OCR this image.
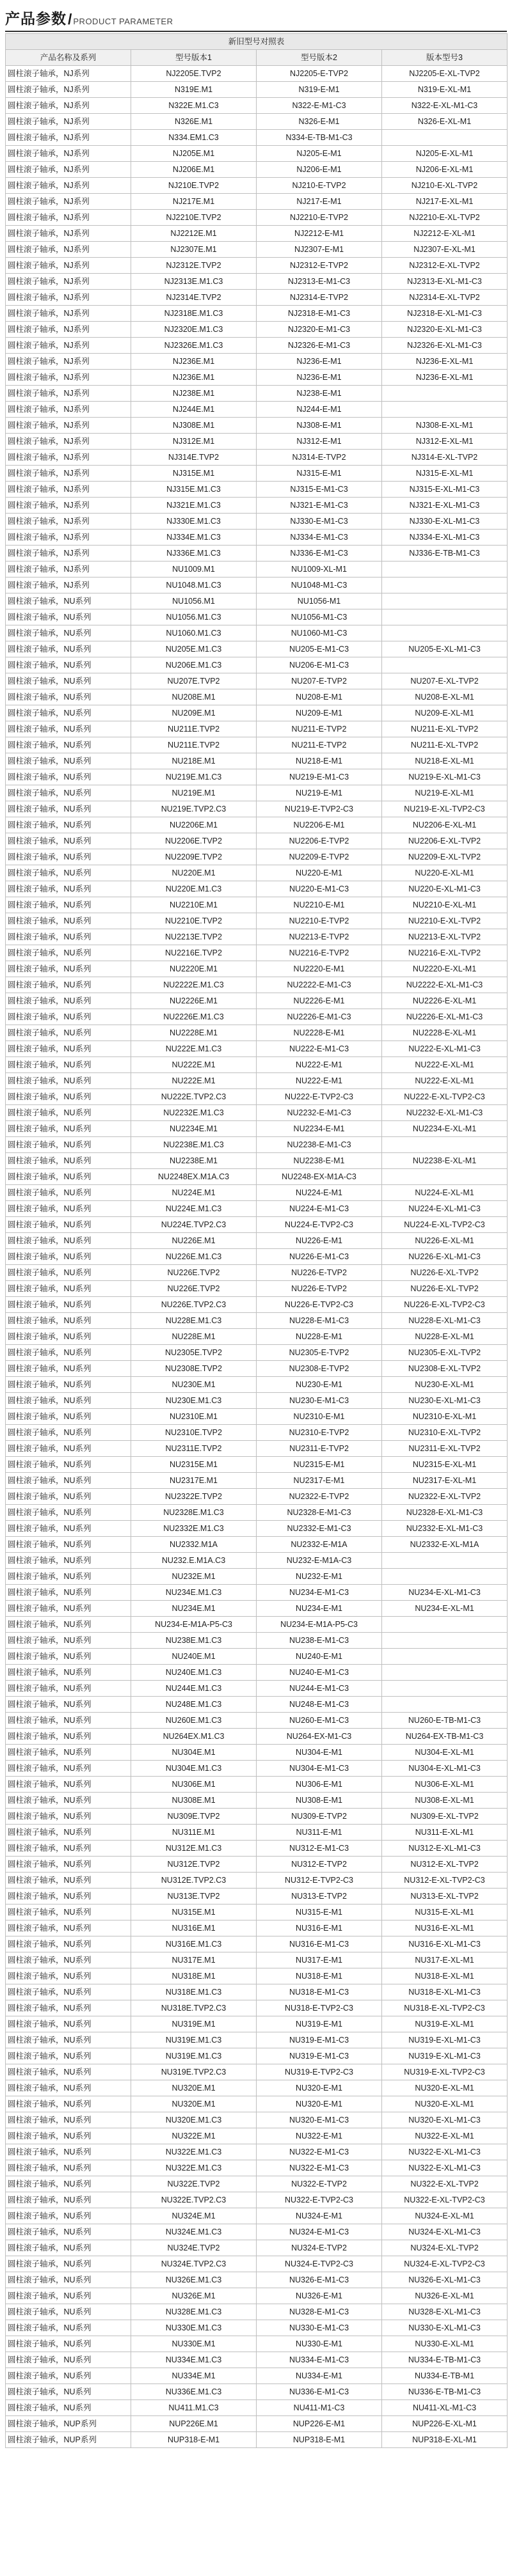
产品参数 / PRODUCT PARAMETER
新旧型号对照表			
产品名称及系列	型号版本1	型号版本2	版本型号3
圆柱滚子轴承，NJ系列	NJ2205E.TVP2	NJ2205-E-TVP2	NJ2205-E-XL-TVP2
圆柱滚子轴承，NJ系列	N319E.M1	N319-E-M1	N319-E-XL-M1
圆柱滚子轴承，NJ系列	N322E.M1.C3	N322-E-M1-C3	N322-E-XL-M1-C3
圆柱滚子轴承，NJ系列	N326E.M1	N326-E-M1	N326-E-XL-M1
圆柱滚子轴承，NJ系列	N334.EM1.C3	N334-E-TB-M1-C3	
圆柱滚子轴承，NJ系列	NJ205E.M1	NJ205-E-M1	NJ205-E-XL-M1
圆柱滚子轴承，NJ系列	NJ206E.M1	NJ206-E-M1	NJ206-E-XL-M1
圆柱滚子轴承，NJ系列	NJ210E.TVP2	NJ210-E-TVP2	NJ210-E-XL-TVP2
圆柱滚子轴承，NJ系列	NJ217E.M1	NJ217-E-M1	NJ217-E-XL-M1
圆柱滚子轴承，NJ系列	NJ2210E.TVP2	NJ2210-E-TVP2	NJ2210-E-XL-TVP2
圆柱滚子轴承，NJ系列	NJ2212E.M1	NJ2212-E-M1	NJ2212-E-XL-M1
圆柱滚子轴承，NJ系列	NJ2307E.M1	NJ2307-E-M1	NJ2307-E-XL-M1
圆柱滚子轴承，NJ系列	NJ2312E.TVP2	NJ2312-E-TVP2	NJ2312-E-XL-TVP2
圆柱滚子轴承，NJ系列	NJ2313E.M1.C3	NJ2313-E-M1-C3	NJ2313-E-XL-M1-C3
圆柱滚子轴承，NJ系列	NJ2314E.TVP2	NJ2314-E-TVP2	NJ2314-E-XL-TVP2
圆柱滚子轴承，NJ系列	NJ2318E.M1.C3	NJ2318-E-M1-C3	NJ2318-E-XL-M1-C3
圆柱滚子轴承，NJ系列	NJ2320E.M1.C3	NJ2320-E-M1-C3	NJ2320-E-XL-M1-C3
圆柱滚子轴承，NJ系列	NJ2326E.M1.C3	NJ2326-E-M1-C3	NJ2326-E-XL-M1-C3
圆柱滚子轴承，NJ系列	NJ236E.M1	NJ236-E-M1	NJ236-E-XL-M1
圆柱滚子轴承，NJ系列	NJ236E.M1	NJ236-E-M1	NJ236-E-XL-M1
圆柱滚子轴承，NJ系列	NJ238E.M1	NJ238-E-M1	
圆柱滚子轴承，NJ系列	NJ244E.M1	NJ244-E-M1	
圆柱滚子轴承，NJ系列	NJ308E.M1	NJ308-E-M1	NJ308-E-XL-M1
圆柱滚子轴承，NJ系列	NJ312E.M1	NJ312-E-M1	NJ312-E-XL-M1
圆柱滚子轴承，NJ系列	NJ314E.TVP2	NJ314-E-TVP2	NJ314-E-XL-TVP2
圆柱滚子轴承，NJ系列	NJ315E.M1	NJ315-E-M1	NJ315-E-XL-M1
圆柱滚子轴承，NJ系列	NJ315E.M1.C3	NJ315-E-M1-C3	NJ315-E-XL-M1-C3
圆柱滚子轴承，NJ系列	NJ321E.M1.C3	NJ321-E-M1-C3	NJ321-E-XL-M1-C3
圆柱滚子轴承，NJ系列	NJ330E.M1.C3	NJ330-E-M1-C3	NJ330-E-XL-M1-C3
圆柱滚子轴承，NJ系列	NJ334E.M1.C3	NJ334-E-M1-C3	NJ334-E-XL-M1-C3
圆柱滚子轴承，NJ系列	NJ336E.M1.C3	NJ336-E-M1-C3	NJ336-E-TB-M1-C3
圆柱滚子轴承，NJ系列	NU1009.M1	NU1009-XL-M1	
圆柱滚子轴承，NJ系列	NU1048.M1.C3	NU1048-M1-C3	
圆柱滚子轴承，NU系列	NU1056.M1	NU1056-M1	
圆柱滚子轴承，NU系列	NU1056.M1.C3	NU1056-M1-C3	
圆柱滚子轴承，NU系列	NU1060.M1.C3	NU1060-M1-C3	
圆柱滚子轴承，NU系列	NU205E.M1.C3	NU205-E-M1-C3	NU205-E-XL-M1-C3
圆柱滚子轴承，NU系列	NU206E.M1.C3	NU206-E-M1-C3	
圆柱滚子轴承，NU系列	NU207E.TVP2	NU207-E-TVP2	NU207-E-XL-TVP2
圆柱滚子轴承，NU系列	NU208E.M1	NU208-E-M1	NU208-E-XL-M1
圆柱滚子轴承，NU系列	NU209E.M1	NU209-E-M1	NU209-E-XL-M1
圆柱滚子轴承，NU系列	NU211E.TVP2	NU211-E-TVP2	NU211-E-XL-TVP2
圆柱滚子轴承，NU系列	NU211E.TVP2	NU211-E-TVP2	NU211-E-XL-TVP2
圆柱滚子轴承，NU系列	NU218E.M1	NU218-E-M1	NU218-E-XL-M1
圆柱滚子轴承，NU系列	NU219E.M1.C3	NU219-E-M1-C3	NU219-E-XL-M1-C3
圆柱滚子轴承，NU系列	NU219E.M1	NU219-E-M1	NU219-E-XL-M1
圆柱滚子轴承，NU系列	NU219E.TVP2.C3	NU219-E-TVP2-C3	NU219-E-XL-TVP2-C3
圆柱滚子轴承，NU系列	NU2206E.M1	NU2206-E-M1	NU2206-E-XL-M1
圆柱滚子轴承，NU系列	NU2206E.TVP2	NU2206-E-TVP2	NU2206-E-XL-TVP2
圆柱滚子轴承，NU系列	NU2209E.TVP2	NU2209-E-TVP2	NU2209-E-XL-TVP2
圆柱滚子轴承，NU系列	NU220E.M1	NU220-E-M1	NU220-E-XL-M1
圆柱滚子轴承，NU系列	NU220E.M1.C3	NU220-E-M1-C3	NU220-E-XL-M1-C3
圆柱滚子轴承，NU系列	NU2210E.M1	NU2210-E-M1	NU2210-E-XL-M1
圆柱滚子轴承，NU系列	NU2210E.TVP2	NU2210-E-TVP2	NU2210-E-XL-TVP2
圆柱滚子轴承，NU系列	NU2213E.TVP2	NU2213-E-TVP2	NU2213-E-XL-TVP2
圆柱滚子轴承，NU系列	NU2216E.TVP2	NU2216-E-TVP2	NU2216-E-XL-TVP2
圆柱滚子轴承，NU系列	NU2220E.M1	NU2220-E-M1	NU2220-E-XL-M1
圆柱滚子轴承，NU系列	NU2222E.M1.C3	NU2222-E-M1-C3	NU2222-E-XL-M1-C3
圆柱滚子轴承，NU系列	NU2226E.M1	NU2226-E-M1	NU2226-E-XL-M1
圆柱滚子轴承，NU系列	NU2226E.M1.C3	NU2226-E-M1-C3	NU2226-E-XL-M1-C3
圆柱滚子轴承，NU系列	NU2228E.M1	NU2228-E-M1	NU2228-E-XL-M1
圆柱滚子轴承，NU系列	NU222E.M1.C3	NU222-E-M1-C3	NU222-E-XL-M1-C3
圆柱滚子轴承，NU系列	NU222E.M1	NU222-E-M1	NU222-E-XL-M1
圆柱滚子轴承，NU系列	NU222E.M1	NU222-E-M1	NU222-E-XL-M1
圆柱滚子轴承，NU系列	NU222E.TVP2.C3	NU222-E-TVP2-C3	NU222-E-XL-TVP2-C3
圆柱滚子轴承，NU系列	NU2232E.M1.C3	NU2232-E-M1-C3	NU2232-E-XL-M1-C3
圆柱滚子轴承，NU系列	NU2234E.M1	NU2234-E-M1	NU2234-E-XL-M1
圆柱滚子轴承，NU系列	NU2238E.M1.C3	NU2238-E-M1-C3	
圆柱滚子轴承，NU系列	NU2238E.M1	NU2238-E-M1	NU2238-E-XL-M1
圆柱滚子轴承，NU系列	NU2248EX.M1A.C3	NU2248-EX-M1A-C3	
圆柱滚子轴承，NU系列	NU224E.M1	NU224-E-M1	NU224-E-XL-M1
圆柱滚子轴承，NU系列	NU224E.M1.C3	NU224-E-M1-C3	NU224-E-XL-M1-C3
圆柱滚子轴承，NU系列	NU224E.TVP2.C3	NU224-E-TVP2-C3	NU224-E-XL-TVP2-C3
圆柱滚子轴承，NU系列	NU226E.M1	NU226-E-M1	NU226-E-XL-M1
圆柱滚子轴承，NU系列	NU226E.M1.C3	NU226-E-M1-C3	NU226-E-XL-M1-C3
圆柱滚子轴承，NU系列	NU226E.TVP2	NU226-E-TVP2	NU226-E-XL-TVP2
圆柱滚子轴承，NU系列	NU226E.TVP2	NU226-E-TVP2	NU226-E-XL-TVP2
圆柱滚子轴承，NU系列	NU226E.TVP2.C3	NU226-E-TVP2-C3	NU226-E-XL-TVP2-C3
圆柱滚子轴承，NU系列	NU228E.M1.C3	NU228-E-M1-C3	NU228-E-XL-M1-C3
圆柱滚子轴承，NU系列	NU228E.M1	NU228-E-M1	NU228-E-XL-M1
圆柱滚子轴承，NU系列	NU2305E.TVP2	NU2305-E-TVP2	NU2305-E-XL-TVP2
圆柱滚子轴承，NU系列	NU2308E.TVP2	NU2308-E-TVP2	NU2308-E-XL-TVP2
圆柱滚子轴承，NU系列	NU230E.M1	NU230-E-M1	NU230-E-XL-M1
圆柱滚子轴承，NU系列	NU230E.M1.C3	NU230-E-M1-C3	NU230-E-XL-M1-C3
圆柱滚子轴承，NU系列	NU2310E.M1	NU2310-E-M1	NU2310-E-XL-M1
圆柱滚子轴承，NU系列	NU2310E.TVP2	NU2310-E-TVP2	NU2310-E-XL-TVP2
圆柱滚子轴承，NU系列	NU2311E.TVP2	NU2311-E-TVP2	NU2311-E-XL-TVP2
圆柱滚子轴承，NU系列	NU2315E.M1	NU2315-E-M1	NU2315-E-XL-M1
圆柱滚子轴承，NU系列	NU2317E.M1	NU2317-E-M1	NU2317-E-XL-M1
圆柱滚子轴承，NU系列	NU2322E.TVP2	NU2322-E-TVP2	NU2322-E-XL-TVP2
圆柱滚子轴承，NU系列	NU2328E.M1.C3	NU2328-E-M1-C3	NU2328-E-XL-M1-C3
圆柱滚子轴承，NU系列	NU2332E.M1.C3	NU2332-E-M1-C3	NU2332-E-XL-M1-C3
圆柱滚子轴承，NU系列	NU2332.M1A	NU2332-E-M1A	NU2332-E-XL-M1A
圆柱滚子轴承，NU系列	NU232.E.M1A.C3	NU232-E-M1A-C3	
圆柱滚子轴承，NU系列	NU232E.M1	NU232-E-M1	
圆柱滚子轴承，NU系列	NU234E.M1.C3	NU234-E-M1-C3	NU234-E-XL-M1-C3
圆柱滚子轴承，NU系列	NU234E.M1	NU234-E-M1	NU234-E-XL-M1
圆柱滚子轴承，NU系列	NU234-E-M1A-P5-C3	NU234-E-M1A-P5-C3	
圆柱滚子轴承，NU系列	NU238E.M1.C3	NU238-E-M1-C3	
圆柱滚子轴承，NU系列	NU240E.M1	NU240-E-M1	
圆柱滚子轴承，NU系列	NU240E.M1.C3	NU240-E-M1-C3	
圆柱滚子轴承，NU系列	NU244E.M1.C3	NU244-E-M1-C3	
圆柱滚子轴承，NU系列	NU248E.M1.C3	NU248-E-M1-C3	
圆柱滚子轴承，NU系列	NU260E.M1.C3	NU260-E-M1-C3	NU260-E-TB-M1-C3
圆柱滚子轴承，NU系列	NU264EX.M1.C3	NU264-EX-M1-C3	NU264-EX-TB-M1-C3
圆柱滚子轴承，NU系列	NU304E.M1	NU304-E-M1	NU304-E-XL-M1
圆柱滚子轴承，NU系列	NU304E.M1.C3	NU304-E-M1-C3	NU304-E-XL-M1-C3
圆柱滚子轴承，NU系列	NU306E.M1	NU306-E-M1	NU306-E-XL-M1
圆柱滚子轴承，NU系列	NU308E.M1	NU308-E-M1	NU308-E-XL-M1
圆柱滚子轴承，NU系列	NU309E.TVP2	NU309-E-TVP2	NU309-E-XL-TVP2
圆柱滚子轴承，NU系列	NU311E.M1	NU311-E-M1	NU311-E-XL-M1
圆柱滚子轴承，NU系列	NU312E.M1.C3	NU312-E-M1-C3	NU312-E-XL-M1-C3
圆柱滚子轴承，NU系列	NU312E.TVP2	NU312-E-TVP2	NU312-E-XL-TVP2
圆柱滚子轴承，NU系列	NU312E.TVP2.C3	NU312-E-TVP2-C3	NU312-E-XL-TVP2-C3
圆柱滚子轴承，NU系列	NU313E.TVP2	NU313-E-TVP2	NU313-E-XL-TVP2
圆柱滚子轴承，NU系列	NU315E.M1	NU315-E-M1	NU315-E-XL-M1
圆柱滚子轴承，NU系列	NU316E.M1	NU316-E-M1	NU316-E-XL-M1
圆柱滚子轴承，NU系列	NU316E.M1.C3	NU316-E-M1-C3	NU316-E-XL-M1-C3
圆柱滚子轴承，NU系列	NU317E.M1	NU317-E-M1	NU317-E-XL-M1
圆柱滚子轴承，NU系列	NU318E.M1	NU318-E-M1	NU318-E-XL-M1
圆柱滚子轴承，NU系列	NU318E.M1.C3	NU318-E-M1-C3	NU318-E-XL-M1-C3
圆柱滚子轴承，NU系列	NU318E.TVP2.C3	NU318-E-TVP2-C3	NU318-E-XL-TVP2-C3
圆柱滚子轴承，NU系列	NU319E.M1	NU319-E-M1	NU319-E-XL-M1
圆柱滚子轴承，NU系列	NU319E.M1.C3	NU319-E-M1-C3	NU319-E-XL-M1-C3
圆柱滚子轴承，NU系列	NU319E.M1.C3	NU319-E-M1-C3	NU319-E-XL-M1-C3
圆柱滚子轴承，NU系列	NU319E.TVP2.C3	NU319-E-TVP2-C3	NU319-E-XL-TVP2-C3
圆柱滚子轴承，NU系列	NU320E.M1	NU320-E-M1	NU320-E-XL-M1
圆柱滚子轴承，NU系列	NU320E.M1	NU320-E-M1	NU320-E-XL-M1
圆柱滚子轴承，NU系列	NU320E.M1.C3	NU320-E-M1-C3	NU320-E-XL-M1-C3
圆柱滚子轴承，NU系列	NU322E.M1	NU322-E-M1	NU322-E-XL-M1
圆柱滚子轴承，NU系列	NU322E.M1.C3	NU322-E-M1-C3	NU322-E-XL-M1-C3
圆柱滚子轴承，NU系列	NU322E.M1.C3	NU322-E-M1-C3	NU322-E-XL-M1-C3
圆柱滚子轴承，NU系列	NU322E.TVP2	NU322-E-TVP2	NU322-E-XL-TVP2
圆柱滚子轴承，NU系列	NU322E.TVP2.C3	NU322-E-TVP2-C3	NU322-E-XL-TVP2-C3
圆柱滚子轴承，NU系列	NU324E.M1	NU324-E-M1	NU324-E-XL-M1
圆柱滚子轴承，NU系列	NU324E.M1.C3	NU324-E-M1-C3	NU324-E-XL-M1-C3
圆柱滚子轴承，NU系列	NU324E.TVP2	NU324-E-TVP2	NU324-E-XL-TVP2
圆柱滚子轴承，NU系列	NU324E.TVP2.C3	NU324-E-TVP2-C3	NU324-E-XL-TVP2-C3
圆柱滚子轴承，NU系列	NU326E.M1.C3	NU326-E-M1-C3	NU326-E-XL-M1-C3
圆柱滚子轴承，NU系列	NU326E.M1	NU326-E-M1	NU326-E-XL-M1
圆柱滚子轴承，NU系列	NU328E.M1.C3	NU328-E-M1-C3	NU328-E-XL-M1-C3
圆柱滚子轴承，NU系列	NU330E.M1.C3	NU330-E-M1-C3	NU330-E-XL-M1-C3
圆柱滚子轴承，NU系列	NU330E.M1	NU330-E-M1	NU330-E-XL-M1
圆柱滚子轴承，NU系列	NU334E.M1.C3	NU334-E-M1-C3	NU334-E-TB-M1-C3
圆柱滚子轴承，NU系列	NU334E.M1	NU334-E-M1	NU334-E-TB-M1
圆柱滚子轴承，NU系列	NU336E.M1.C3	NU336-E-M1-C3	NU336-E-TB-M1-C3
圆柱滚子轴承，NU系列	NU411.M1.C3	NU411-M1-C3	NU411-XL-M1-C3
圆柱滚子轴承，NUP系列	NUP226E.M1	NUP226-E-M1	NUP226-E-XL-M1
圆柱滚子轴承，NUP系列	NUP318-E-M1	NUP318-E-M1	NUP318-E-XL-M1
